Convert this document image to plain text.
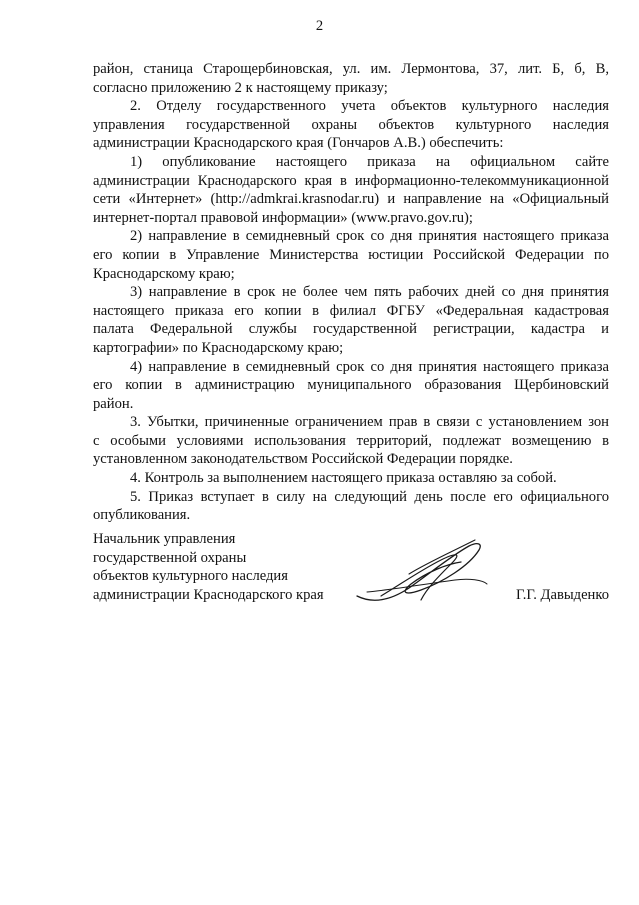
2
район, станица Старощербиновская, ул. им. Лермонтова, 37, лит. Б, б, В,
согласно приложению 2 к настоящему приказу;
2. Отделу государственного учета объектов культурного наследия
управления государственной охраны объектов культурного наследия
администрации Краснодарского края (Гончаров А.В.) обеспечить:
1) опубликование настоящего приказа на официальном сайте
администрации Краснодарского края в информационно-телекоммуникационной
сети «Интернет» (http://admkrai.krasnodar.ru) и направление на «Официальный
интернет-портал правовой информации» (www.pravo.gov.ru);
2) направление в семидневный срок со дня принятия настоящего приказа
его копии в Управление Министерства юстиции Российской Федерации по
Краснодарскому краю;
3) направление в срок не более чем пять рабочих дней со дня принятия
настоящего приказа его копии в филиал ФГБУ «Федеральная кадастровая
палата Федеральной службы государственной регистрации, кадастра и
картографии» по Краснодарскому краю;
4) направление в семидневный срок со дня принятия настоящего приказа
его копии в администрацию муниципального образования Щербиновский
район.
3. Убытки, причиненные ограничением прав в связи с установлением зон
с особыми условиями использования территорий, подлежат возмещению в
установленном законодательством Российской Федерации порядке.
4. Контроль за выполнением настоящего приказа оставляю за собой.
5. Приказ вступает в силу на следующий день после его официального
опубликования.
Начальник управления
государственной охраны
объектов культурного наследия
администрации Краснодарского края	Г.Г. Давыденко
